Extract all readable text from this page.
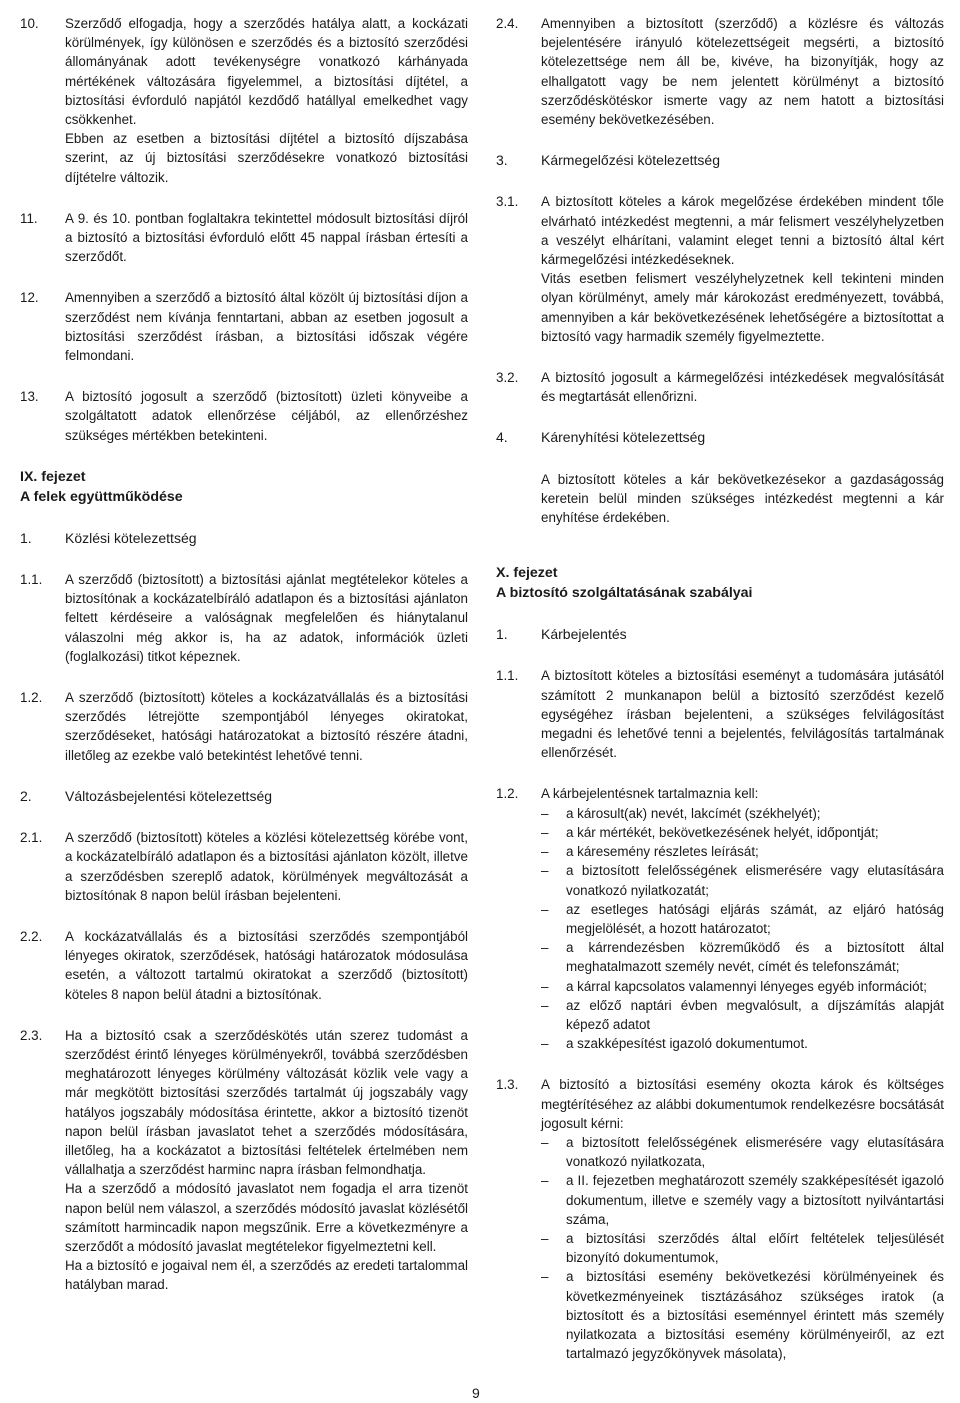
10.	Szerződő elfogadja, hogy a szerződés hatálya alatt, a kockázati körülmények, így különösen e szerződés és a biztosító szerződési állományának adott tevékenységre vonatkozó kárhányada mértékének változására figyelemmel, a biztosítási díjtétel, a biztosítási évforduló napjától kezdődő hatállyal emelkedhet vagy csökkenhet.

Ebben az esetben a biztosítási díjtétel a biztosító díjszabása szerint, az új biztosítási szerződésekre vonatkozó biztosítási díjtételre változik.

11.	A 9. és 10. pontban foglaltakra tekintettel módosult biztosítási díjról a biztosító a biztosítási évforduló előtt 45 nappal írásban értesíti a szerződőt.

12.	Amennyiben a szerződő a biztosító által közölt új biztosítási díjon a szerződést nem kívánja fenntartani, abban az esetben jogosult a biztosítási szerződést írásban, a biztosítási időszak végére felmondani.

13.	A biztosító jogosult a szerződő (biztosított) üzleti könyveibe a szolgáltatott adatok ellenőrzése céljából, az ellenőrzéshez szükséges mértékben betekinteni.

IX. fejezet
A felek együttműködése
1. Közlési kötelezettség
1.1.	A szerződő (biztosított) a biztosítási ajánlat megtételekor köteles a biztosítónak a kockázatelbíráló adatlapon és a biztosítási ajánlaton feltett kérdéseire a valóságnak megfelelően és hiánytalanul válaszolni még akkor is, ha az adatok, információk üzleti (foglalkozási) titkot képeznek.

1.2.	A szerződő (biztosított) köteles a kockázatvállalás és a biztosítási szerződés létrejötte szempontjából lényeges okiratokat, szerződéseket, hatósági határozatokat a biztosító részére átadni, illetőleg az ezekbe való betekintést lehetővé tenni.

2. Változásbejelentési kötelezettség
2.1.	A szerződő (biztosított) köteles a közlési kötelezettség körébe vont, a kockázatelbíráló adatlapon és a biztosítási ajánlaton közölt, illetve a szerződésben szereplő adatok, körülmények megváltozását a biztosítónak 8 napon belül írásban bejelenteni.

2.2.	A kockázatvállalás és a biztosítási szerződés szempontjából lényeges okiratok, szerződések, hatósági határozatok módosulása esetén, a változott tartalmú okiratokat a szerződő (biztosított) köteles 8 napon belül átadni a biztosítónak.

2.3.	Ha a biztosító csak a szerződéskötés után szerez tudomást a szerződést érintő lényeges körülményekről, továbbá szerződésben meghatározott lényeges körülmény változását közlik vele vagy a már megkötött biztosítási szerződés tartalmát új jogszabály vagy hatályos jogszabály módosítása érintette, akkor a biztosító tizenöt napon belül írásban javaslatot tehet a szerződés módosítására, illetőleg, ha a kockázatot a biztosítási feltételek értelmében nem vállalhatja a szerződést harminc napra írásban felmondhatja.

Ha a szerződő a módosító javaslatot nem fogadja el arra tizenöt napon belül nem válaszol, a szerződés módosító javaslat közlésétől számított harmincadik napon megszűnik. Erre a következményre a szerződőt a módosító javaslat megtételekor figyelmeztetni kell.

Ha a biztosító e jogaival nem él, a szerződés az eredeti tartalommal hatályban marad.

2.4.	Amennyiben a biztosított (szerződő) a közlésre és változás bejelentésére irányuló kötelezettségeit megsérti, a biztosító kötelezettsége nem áll be, kivéve, ha bizonyítják, hogy az elhallgatott vagy be nem jelentett körülményt a biztosító szerződéskötéskor ismerte vagy az nem hatott a biztosítási esemény bekövetkezésében.

3. Kármegelőzési kötelezettség
3.1.	A biztosított köteles a károk megelőzése érdekében mindent tőle elvárható intézkedést megtenni, a már felismert veszélyhelyzetben a veszélyt elhárítani, valamint eleget tenni a biztosító által kért kármegelőzési intézkedéseknek.

Vitás esetben felismert veszélyhelyzetnek kell tekinteni minden olyan körülményt, amely már károkozást eredményezett, továbbá, amennyiben a kár bekövetkezésének lehetőségére a biztosítottat a biztosító vagy harmadik személy figyelmeztette.

3.2.	A biztosító jogosult a kármegelőzési intézkedések megvalósítását és megtartását ellenőrizni.

4. Kárenyhítési kötelezettség

A biztosított köteles a kár bekövetkezésekor a gazdaságosság keretein belül minden szükséges intézkedést megtenni a kár enyhítése érdekében.

X. fejezet
A biztosító szolgáltatásának szabályai
1. Kárbejelentés
1.1.	A biztosított köteles a biztosítási eseményt a tudomására jutásától számított 2 munkanapon belül a biztosító szerződést kezelő egységéhez írásban bejelenteni, a szükséges felvilágosítást megadni és lehetővé tenni a bejelentés, felvilágosítás tartalmának ellenőrzését.

1.2.	A kárbejelentésnek tartalmaznia kell:
– a károsult(ak) nevét, lakcímét (székhelyét);
– a kár mértékét, bekövetkezésének helyét, időpontját;
– a káresemény részletes leírását;
– a biztosított felelősségének elismerésére vagy elutasítására vonatkozó nyilatkozatát;
– az esetleges hatósági eljárás számát, az eljáró hatóság megjelölését, a hozott határozatot;
– a kárrendezésben közreműködő és a biztosított által meghatalmazott személy nevét, címét és telefonszámát;
– a kárral kapcsolatos valamennyi lényeges egyéb információt;
– az előző naptári évben megvalósult, a díjszámítás alapját képező adatot
– a szakképesítést igazoló dokumentumot.
1.3.	A biztosító a biztosítási esemény okozta károk és költséges megtérítéséhez az alábbi dokumentumok rendelkezésre bocsátását jogosult kérni:
– a biztosított felelősségének elismerésére vagy elutasítására vonatkozó nyilatkozata,
– a II. fejezetben meghatározott személy szakképesítését igazoló dokumentum, illetve e személy vagy a biztosított nyilvántartási száma,
– a biztosítási szerződés által előírt feltételek teljesülését bizonyító dokumentumok,
– a biztosítási esemény bekövetkezési körülményeinek és következményeinek tisztázásához szükséges iratok (a biztosított és a biztosítási eseménnyel érintett más személy nyilatkozata a biztosítási esemény körülményeiről, az ezt tartalmazó jegyzőkönyvek másolata),
9
